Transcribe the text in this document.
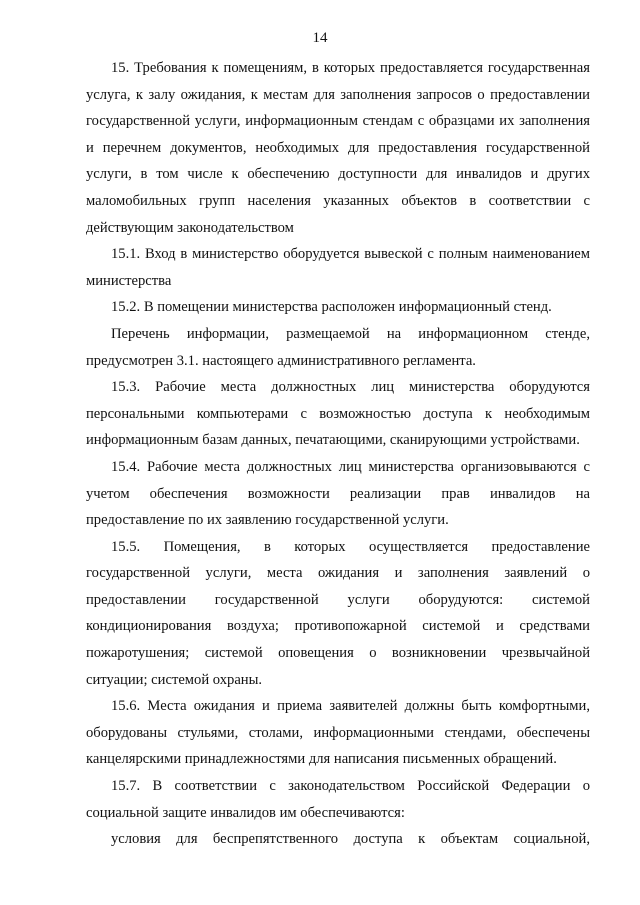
14

15. Требования к помещениям, в которых предоставляется государственная услуга, к залу ожидания, к местам для заполнения запросов о предоставлении государственной услуги, информационным стендам с образцами их заполнения и перечнем документов, необходимых для предоставления государственной услуги, в том числе к обеспечению доступности для инвалидов и других маломобильных групп населения указанных объектов в соответствии с действующим законодательством

15.1. Вход в министерство оборудуется вывеской с полным наименованием министерства

15.2. В помещении министерства расположен информационный стенд.

Перечень информации, размещаемой на информационном стенде, предусмотрен 3.1. настоящего административного регламента.

15.3. Рабочие места должностных лиц министерства оборудуются персональными компьютерами с возможностью доступа к необходимым информационным базам данных, печатающими, сканирующими устройствами.

15.4. Рабочие места должностных лиц министерства организовываются с учетом обеспечения возможности реализации прав инвалидов на предоставление по их заявлению государственной услуги.

15.5. Помещения, в которых осуществляется предоставление государственной услуги, места ожидания и заполнения заявлений о предоставлении государственной услуги оборудуются: системой кондиционирования воздуха; противопожарной системой и средствами пожаротушения; системой оповещения о возникновении чрезвычайной ситуации; системой охраны.

15.6. Места ожидания и приема заявителей должны быть комфортными, оборудованы стульями, столами, информационными стендами, обеспечены канцелярскими принадлежностями для написания письменных обращений.

15.7. В соответствии с законодательством Российской Федерации о социальной защите инвалидов им обеспечиваются:

условия для беспрепятственного доступа к объектам социальной,
